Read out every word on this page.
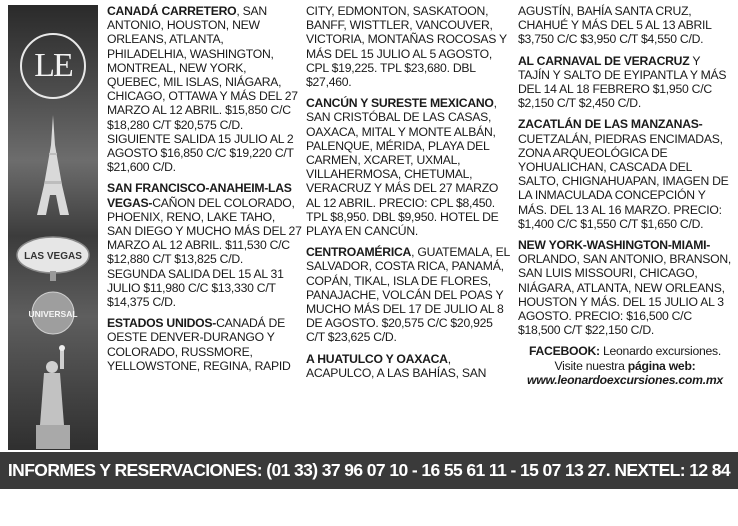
LE
LAS VEGAS
UNIVERSAL
CANADÁ CARRETERO, SAN ANTONIO, HOUSTON, NEW ORLEANS, ATLANTA, PHILADELHIA, WASHINGTON, MONTREAL, NEW YORK, QUEBEC, MIL ISLAS, NIÁGARA, CHICAGO, OTTAWA Y MÁS DEL 27 MARZO AL 12 ABRIL. $15,850 C/C $18,280 C/T $20,575 C/D. SIGUIENTE SALIDA 15 JULIO AL 2 AGOSTO $16,850 C/C $19,220 C/T $21,600 C/D.
SAN FRANCISCO-ANAHEIM-LAS VEGAS-CAÑON DEL COLORADO, PHOENIX, RENO, LAKE TAHO, SAN DIEGO Y MUCHO MÁS DEL 27 MARZO AL 12 ABRIL. $11,530 C/C $12,880 C/T $13,825 C/D. SEGUNDA SALIDA DEL 15 AL 31 JULIO $11,980 C/C $13,330 C/T $14,375 C/D.
ESTADOS UNIDOS-CANADÁ DE OESTE DENVER-DURANGO Y COLORADO, RUSSMORE, YELLOWSTONE, REGINA, RAPID
CITY, EDMONTON, SASKATOON, BANFF, WISTTLER, VANCOUVER, VICTORIA, MONTAÑAS ROCOSAS Y MÁS DEL 15 JULIO AL 5 AGOSTO, CPL $19,225. TPL $23,680. DBL $27,460.
CANCÚN Y SURESTE MEXICANO, SAN CRISTÓBAL DE LAS CASAS, OAXACA, MITAL Y MONTE ALBÁN, PALENQUE, MÉRIDA, PLAYA DEL CARMEN, XCARET, UXMAL, VILLAHERMOSA, CHETUMAL, VERACRUZ Y MÁS DEL 27 MARZO AL 12 ABRIL. PRECIO: CPL $8,450. TPL $8,950. DBL $9,950. HOTEL DE PLAYA EN CANCÚN.
CENTROAMÉRICA, GUATEMALA, EL SALVADOR, COSTA RICA, PANAMÁ, COPÁN, TIKAL, ISLA DE FLORES, PANAJACHE, VOLCÁN DEL POAS Y MUCHO MÁS DEL 17 DE JULIO AL 8 DE AGOSTO. $20,575 C/C $20,925 C/T $23,625 C/D.
A HUATULCO Y OAXACA, ACAPULCO, A LAS BAHÍAS, SAN
AGUSTÍN, BAHÍA SANTA CRUZ, CHAHUÉ Y MÁS DEL 5 AL 13 ABRIL $3,750 C/C $3,950 C/T $4,550 C/D.
AL CARNAVAL DE VERACRUZ Y TAJÍN Y SALTO DE EYIPANTLA Y MÁS DEL 14 AL 18 FEBRERO $1,950 C/C $2,150 C/T $2,450 C/D.
ZACATLÁN DE LAS MANZANAS-CUETZALÁN, PIEDRAS ENCIMADAS, ZONA ARQUEOLÓGICA DE YOHUALICHAN, CASCADA DEL SALTO, CHIGNAHUAPAN, IMAGEN DE LA INMACULADA CONCEPCIÓN Y MÁS. DEL 13 AL 16 MARZO. PRECIO: $1,400 C/C $1,550 C/T $1,650 C/D.
NEW YORK-WASHINGTON-MIAMI-ORLANDO, SAN ANTONIO, BRANSON, SAN LUIS MISSOURI, CHICAGO, NIÁGARA, ATLANTA, NEW ORLEANS, HOUSTON Y MÁS. DEL 15 JULIO AL 3 AGOSTO. PRECIO: $16,500 C/C $18,500 C/T $22,150 C/D.
FACEBOOK: Leonardo excursiones.
Visite nuestra página web:
www.leonardoexcursiones.com.mx
INFORMES Y RESERVACIONES: (01 33) 37 96 07 10 - 16 55 61 11 - 15 07 13 27. NEXTEL: 12 84 17 58
